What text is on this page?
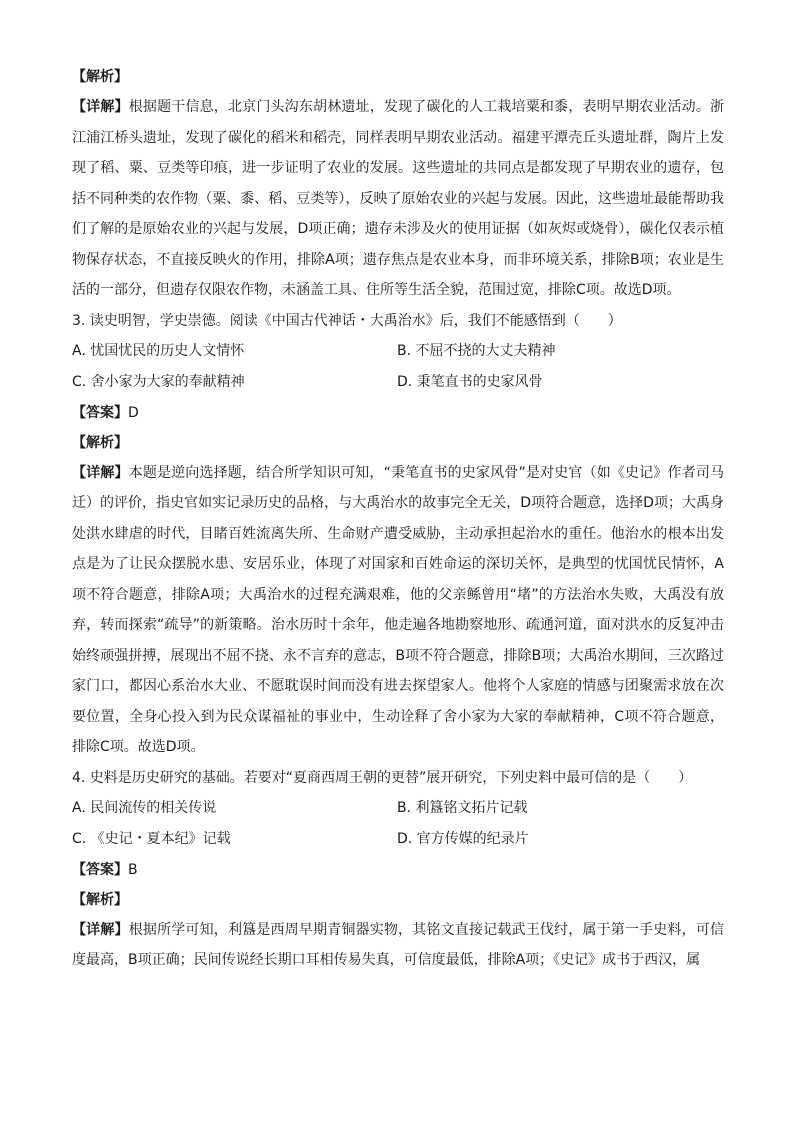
【解析】

【详解】根据题干信息，北京门头沟东胡林遗址，发现了碳化的人工栽培粟和黍，表明早期农业活动。浙江浦江桥头遗址，发现了碳化的稻米和稻壳，同样表明早期农业活动。福建平潭壳丘头遗址群，陶片上发现了稻、粟、豆类等印痕，进一步证明了农业的发展。这些遗址的共同点是都发现了早期农业的遗存，包括不同种类的农作物（粟、黍、稻、豆类等），反映了原始农业的兴起与发展。因此，这些遗址最能帮助我们了解的是原始农业的兴起与发展，D项正确；遗存未涉及火的使用证据（如灰烬或烧骨），碳化仅表示植物保存状态，不直接反映火的作用，排除A项；遗存焦点是农业本身，而非环境关系，排除B项；农业是生活的一部分，但遗存仅限农作物，未涵盖工具、住所等生活全貌，范围过宽，排除C项。故选D项。

3. 读史明智，学史崇德。阅读《中国古代神话・大禹治水》后，我们不能感悟到（　　）
A. 忧国忧民的历史人文情怀	B. 不屈不挠的大丈夫精神
C. 舍小家为大家的奉献精神	D. 秉笔直书的史家风骨
【答案】D
【解析】

【详解】本题是逆向选择题，结合所学知识可知，“秉笔直书的史家风骨”是对史官（如《史记》作者司马迁）的评价，指史官如实记录历史的品格，与大禹治水的故事完全无关，D项符合题意，选择D项；大禹身处洪水肆虐的时代，目睹百姓流离失所、生命财产遭受威胁，主动承担起治水的重任。他治水的根本出发点是为了让民众摆脱水患、安居乐业，体现了对国家和百姓命运的深切关怀，是典型的忧国忧民情怀，A项不符合题意，排除A项；大禹治水的过程充满艰难，他的父亲鲧曾用“堵”的方法治水失败，大禹没有放弃，转而探索“疏导”的新策略。治水历时十余年，他走遍各地勘察地形、疏通河道，面对洪水的反复冲击始终顽强拼搏，展现出不屈不挠、永不言弃的意志，B项不符合题意，排除B项；大禹治水期间，三次路过家门口，都因心系治水大业、不愿耽误时间而没有进去探望家人。他将个人家庭的情感与团聚需求放在次要位置，全身心投入到为民众谋福祉的事业中，生动诠释了舍小家为大家的奉献精神，C项不符合题意，排除C项。故选D项。

4. 史料是历史研究的基础。若要对“夏商西周王朝的更替”展开研究，下列史料中最可信的是（　　）
A. 民间流传的相关传说	B. 利簋铭文拓片记载
C. 《史记・夏本纪》记载	D. 官方传媒的纪录片
【答案】B
【解析】

【详解】根据所学可知，利簋是西周早期青铜器实物，其铭文直接记载武王伐纣，属于第一手史料，可信度最高，B项正确；民间传说经长期口耳相传易失真，可信度最低，排除A项；《史记》成书于西汉，属
